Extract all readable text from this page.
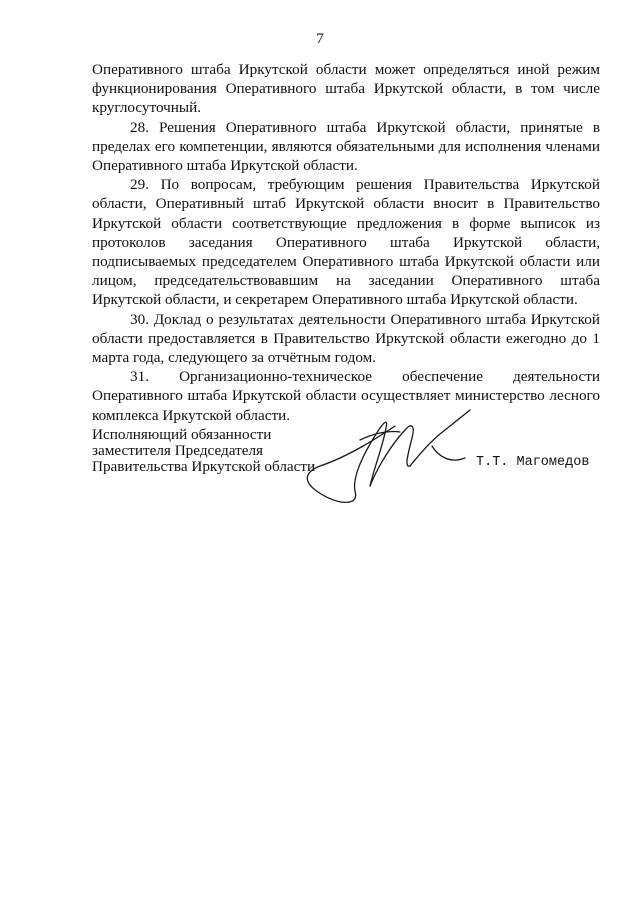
7

Оперативного штаба Иркутской области может определяться иной режим функционирования Оперативного штаба Иркутской области, в том числе круглосуточный.

28. Решения Оперативного штаба Иркутской области, принятые в пределах его компетенции, являются обязательными для исполнения членами Оперативного штаба Иркутской области.

29. По вопросам, требующим решения Правительства Иркутской области, Оперативный штаб Иркутской области вносит в Правительство Иркутской области соответствующие предложения в форме выписок из протоколов заседания Оперативного штаба Иркутской области, подписываемых председателем Оперативного штаба Иркутской области или лицом, председательствовавшим на заседании Оперативного штаба Иркутской области, и секретарем Оперативного штаба Иркутской области.

30. Доклад о результатах деятельности Оперативного штаба Иркутской области предоставляется в Правительство Иркутской области ежегодно до 1 марта года, следующего за отчётным годом.

31. Организационно-техническое обеспечение деятельности Оперативного штаба Иркутской области осуществляет министерство лесного комплекса Иркутской области.

Исполняющий обязанности
заместителя Председателя
Правительства Иркутской области	Т.Т. Магомедов
